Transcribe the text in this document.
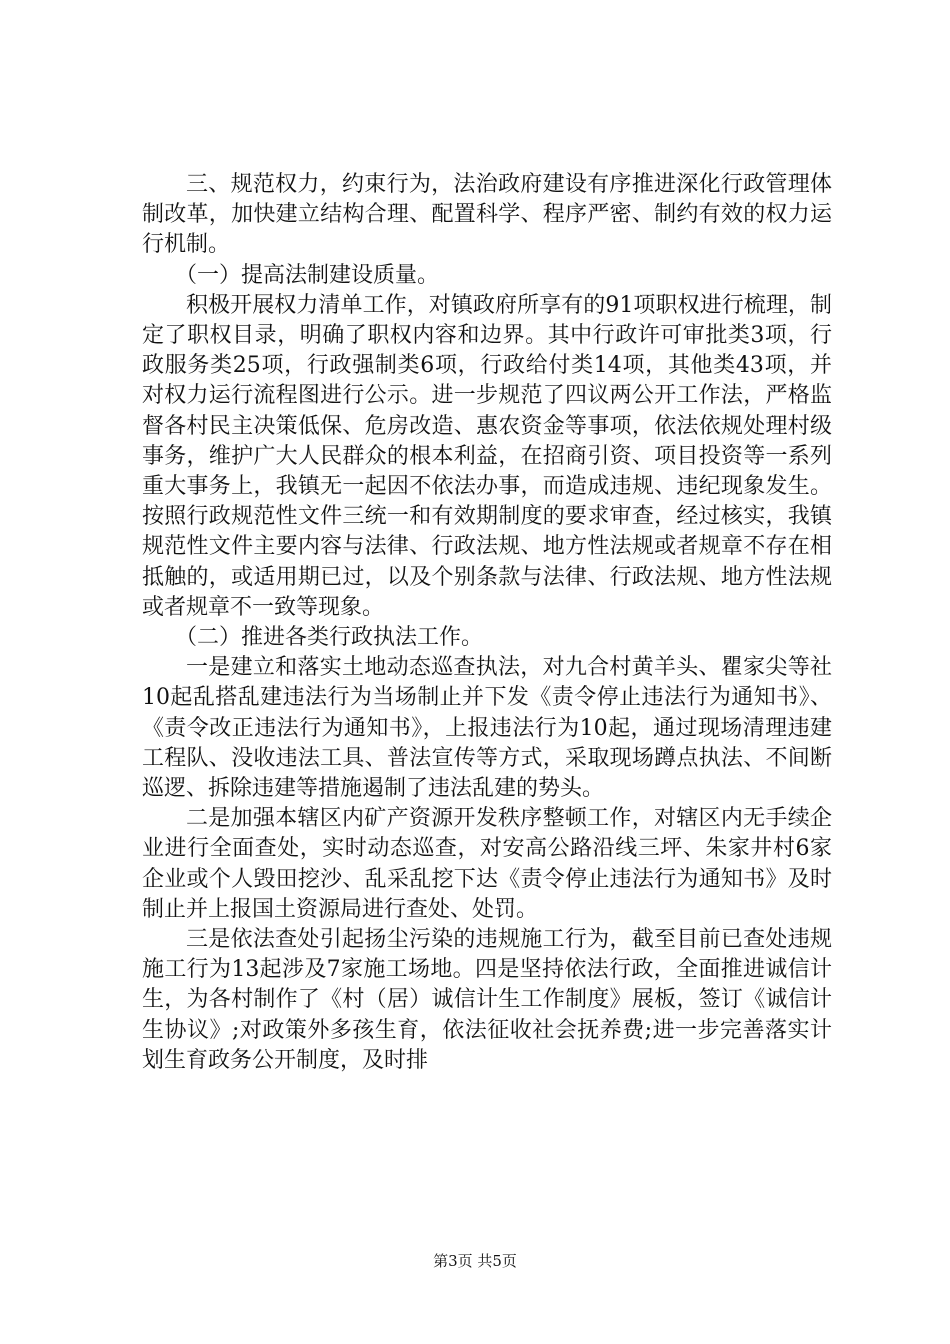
三、规范权力，约束行为，法治政府建设有序推进深化行政管理体制改革，加快建立结构合理、配置科学、程序严密、制约有效的权力运行机制。

（一）提高法制建设质量。

积极开展权力清单工作，对镇政府所享有的91项职权进行梳理，制定了职权目录，明确了职权内容和边界。其中行政许可审批类3项，行政服务类25项，行政强制类6项，行政给付类14项，其他类43项，并对权力运行流程图进行公示。进一步规范了四议两公开工作法，严格监督各村民主决策低保、危房改造、惠农资金等事项，依法依规处理村级事务，维护广大人民群众的根本利益，在招商引资、项目投资等一系列重大事务上，我镇无一起因不依法办事，而造成违规、违纪现象发生。按照行政规范性文件三统一和有效期制度的要求审查，经过核实，我镇规范性文件主要内容与法律、行政法规、地方性法规或者规章不存在相抵触的，或适用期已过，以及个别条款与法律、行政法规、地方性法规或者规章不一致等现象。

（二）推进各类行政执法工作。

一是建立和落实土地动态巡查执法，对九合村黄羊头、瞿家尖等社10起乱搭乱建违法行为当场制止并下发《责令停止违法行为通知书》、《责令改正违法行为通知书》，上报违法行为10起，通过现场清理违建工程队、没收违法工具、普法宣传等方式，采取现场蹲点执法、不间断巡逻、拆除违建等措施遏制了违法乱建的势头。

二是加强本辖区内矿产资源开发秩序整顿工作，对辖区内无手续企业进行全面查处，实时动态巡查，对安高公路沿线三坪、朱家井村6家企业或个人毁田挖沙、乱采乱挖下达《责令停止违法行为通知书》及时制止并上报国土资源局进行查处、处罚。

三是依法查处引起扬尘污染的违规施工行为，截至目前已查处违规施工行为13起涉及7家施工场地。四是坚持依法行政，全面推进诚信计生，为各村制作了《村（居）诚信计生工作制度》展板，签订《诚信计生协议》;对政策外多孩生育，依法征收社会抚养费;进一步完善落实计划生育政务公开制度，及时排

第3页 共5页
